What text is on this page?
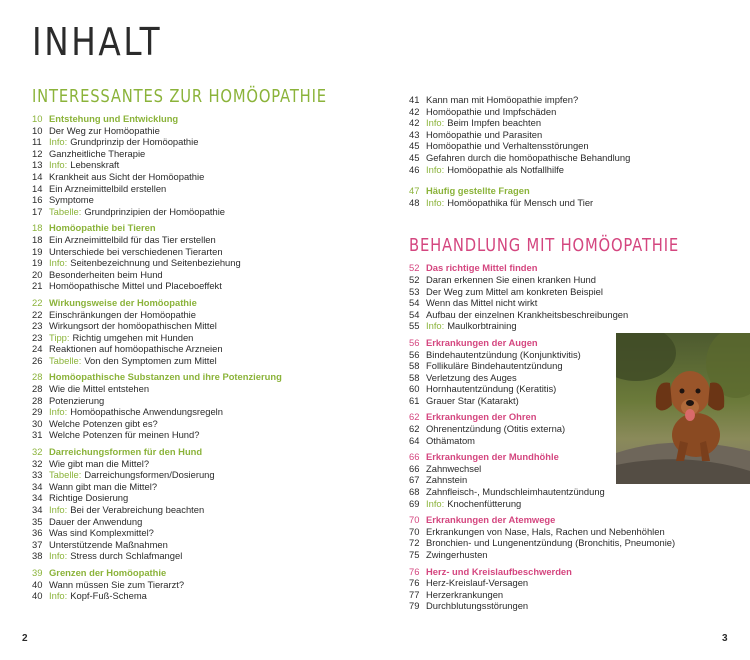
INHALT
INTERESSANTES ZUR HOMÖOPATHIE
10 Entstehung und Entwicklung
10 Der Weg zur Homöopathie
11 Info: Grundprinzip der Homöopathie
12 Ganzheitliche Therapie
13 Info: Lebenskraft
14 Krankheit aus Sicht der Homöopathie
14 Ein Arzneimittelbild erstellen
16 Symptome
17 Tabelle: Grundprinzipien der Homöopathie
18 Homöopathie bei Tieren
18 Ein Arzneimittelbild für das Tier erstellen
19 Unterschiede bei verschiedenen Tierarten
19 Info: Seitenbezeichnung und Seitenbeziehung
20 Besonderheiten beim Hund
21 Homöopathische Mittel und Placeboeffekt
22 Wirkungsweise der Homöopathie
22 Einschränkungen der Homöopathie
23 Wirkungsort der homöopathischen Mittel
23 Tipp: Richtig umgehen mit Hunden
24 Reaktionen auf homöopathische Arzneien
26 Tabelle: Von den Symptomen zum Mittel
28 Homöopathische Substanzen und ihre Potenzierung
28 Wie die Mittel entstehen
28 Potenzierung
29 Info: Homöopathische Anwendungsregeln
30 Welche Potenzen gibt es?
31 Welche Potenzen für meinen Hund?
32 Darreichungsformen für den Hund
32 Wie gibt man die Mittel?
33 Tabelle: Darreichungsformen/Dosierung
34 Wann gibt man die Mittel?
34 Richtige Dosierung
34 Info: Bei der Verabreichung beachten
35 Dauer der Anwendung
36 Was sind Komplexmittel?
37 Unterstützende Maßnahmen
38 Info: Stress durch Schlafmangel
39 Grenzen der Homöopathie
40 Wann müssen Sie zum Tierarzt?
40 Info: Kopf-Fuß-Schema
41 Kann man mit Homöopathie impfen?
42 Homöopathie und Impfschäden
42 Info: Beim Impfen beachten
43 Homöopathie und Parasiten
45 Homöopathie und Verhaltensstörungen
45 Gefahren durch die homöopathische Behandlung
46 Info: Homöopathie als Notfallhilfe
47 Häufig gestellte Fragen
48 Info: Homöopathika für Mensch und Tier
BEHANDLUNG MIT HOMÖOPATHIE
52 Das richtige Mittel finden
52 Daran erkennen Sie einen kranken Hund
53 Der Weg zum Mittel am konkreten Beispiel
54 Wenn das Mittel nicht wirkt
54 Aufbau der einzelnen Krankheitsbeschreibungen
55 Info: Maulkorbtraining
56 Erkrankungen der Augen
56 Bindehautentzündung (Konjunktivitis)
58 Follikuläre Bindehautentzündung
58 Verletzung des Auges
60 Hornhautentzündung (Keratitis)
61 Grauer Star (Katarakt)
62 Erkrankungen der Ohren
62 Ohrenentzündung (Otitis externa)
64 Othämatom
66 Erkrankungen der Mundhöhle
66 Zahnwechsel
67 Zahnstein
68 Zahnfleisch-, Mundschleimhautentzündung
69 Info: Knochenfütterung
70 Erkrankungen der Atemwege
70 Erkrankungen von Nase, Hals, Rachen und Nebenhöhlen
72 Bronchien- und Lungenentzündung (Bronchitis, Pneumonie)
75 Zwingerhusten
76 Herz- und Kreislaufbeschwerden
76 Herz-Kreislauf-Versagen
77 Herzerkrankungen
79 Durchblutungsstörungen
2	3
